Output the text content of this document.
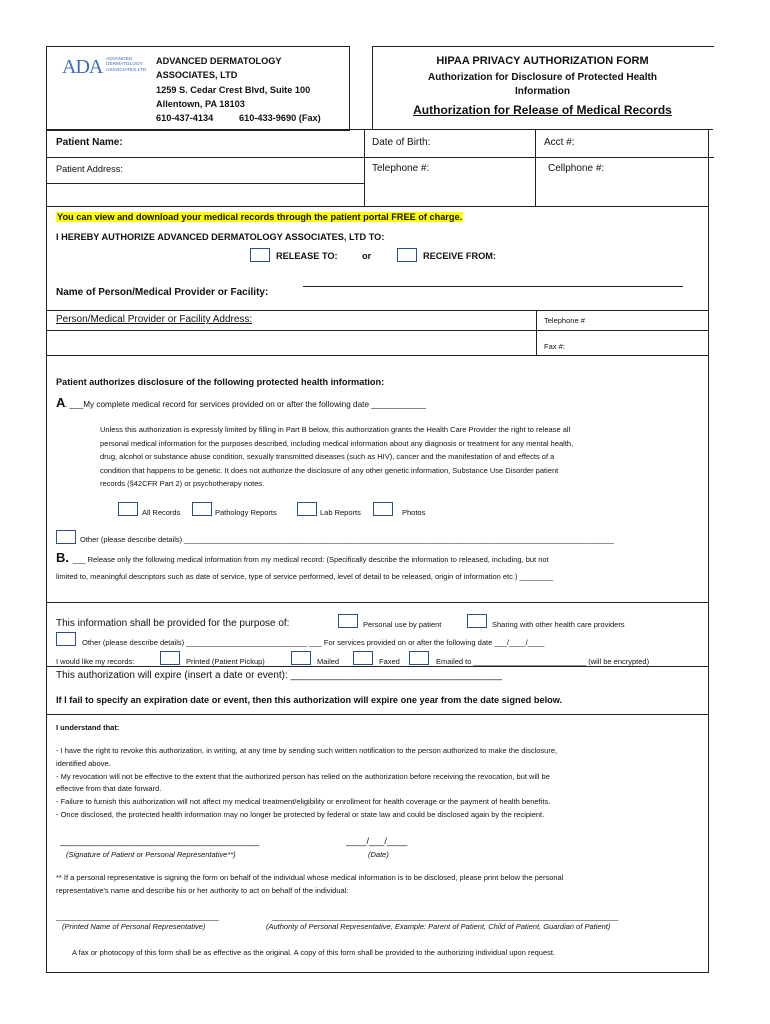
ADA ADVANCED DERMATOLOGY ASSOCIATES LTD
ADVANCED DERMATOLOGY
ASSOCIATES, LTD
1259 S. Cedar Crest Blvd, Suite 100
Allentown, PA 18103
610-437-4134	610-433-9690 (Fax)
HIPAA PRIVACY AUTHORIZATION FORM
Authorization for Disclosure of Protected Health Information
Authorization for Release of Medical Records
Patient Name:	Date of Birth:	Acct #:
Patient Address:	Telephone #:	Cellphone #:
You can view and download your medical records through the patient portal FREE of charge.
I HEREBY AUTHORIZE ADVANCED DERMATOLOGY ASSOCIATES, LTD TO:
RELEASE TO:	or	RECEIVE FROM:
Name of Person/Medical Provider or Facility:
Person/Medical Provider or Facility Address:	Telephone #
Fax #:
Patient authorizes disclosure of the following protected health information:
A . ___My complete medical record for services provided on or after the following date ____________
Unless this authorization is expressly limited by filling in Part B below, this authorization grants the Health Care Provider the right to release all
personal medical information for the purposes described, including medical information about any diagnosis or treatment for any mental health,
drug, alcohol or substance abuse condition, sexually transmitted diseases (such as HIV), cancer and the manifestation of and effects of a
condition that happens to be genetic. It does not authorize the disclosure of any other genetic information, Substance Use Disorder patient
records (§42CFR Part 2) or psychotherapy notes.
All Records	Pathology Reports	Lab Reports	Photos
Other (please describe details) _______________________________________________________________________________________________________
B. ___ Release only the following medical information from my medical record: (Specifically describe the information to released, including, but not
limited to, meaningful descriptors such as date of service, type of service performed, level of detail to be released, origin of information etc.) ________
This information shall be provided for the purpose of:	Personal use by patient	Sharing with other health care providers
Other (please describe details) _____________________________ ___ For services provided on or after the following date ___/____/____
I would like my records:	Printed (Patient Pickup)	Mailed	Faxed	Emailed to ___________________________ (will be encrypted)
This authorization will expire (insert a date or event): ______________________________________
If I fail to specify an expiration date or event, then this authorization will expire one year from the date signed below.
I understand that:
- I have the right to revoke this authorization, in writing, at any time by sending such written notification to the person authorized to make the disclosure,
identified above.
- My revocation will not be effective to the extent that the authorized person has relied on the authorization before receiving the revocation, but will be
effective from that date forward.
- Failure to furnish this authorization will not affect my medical treatment/eligibility or enrollment for health coverage or the payment of health benefits.
- Once disclosed, the protected health information may no longer be protected by federal or state law and could be disclosed again by the recipient.
_______________________________________
(Signature of Patient or Personal Representative**)
____/___/____
(Date)
** If a personal representative is signing the form on behalf of the individual whose medical information is to be disclosed, please print below the personal
representative's name and describe his or her authority to act on behalf of the individual:
_______________________________________
(Printed Name of Personal Representative)
___________________________________________________________________________________
(Authority of Personal Representative, Example: Parent of Patient, Child of Patient, Guardian of Patient)
A fax or photocopy of this form shall be as effective as the original. A copy of this form shall be provided to the authorizing individual upon request.
